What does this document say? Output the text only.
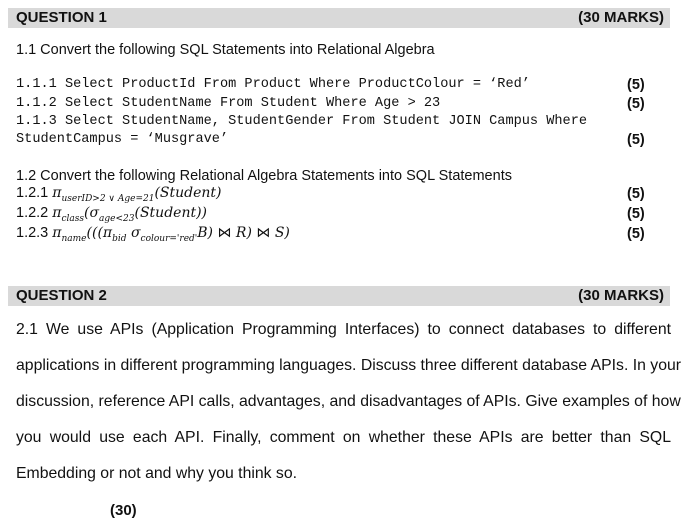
QUESTION 1	(30 MARKS)
1.1 Convert the following SQL Statements into Relational Algebra
1.1.1 Select ProductId From Product Where ProductColour = ‘Red’	(5)
1.1.2 Select StudentName From Student Where Age > 23	(5)
1.1.3 Select StudentName, StudentGender From Student JOIN Campus Where
StudentCampus = ‘Musgrave’	(5)
1.2 Convert the following Relational Algebra Statements into SQL Statements
1.2.1 $\pi_{userID>2 \vee Age=21}(Student)$	(5)
1.2.2 $\pi_{class}(\sigma_{age<23}(Student))$	(5)
1.2.3 $\pi_{name}(((\pi_{bid}$ $\sigma_{colour='red'}B$) ⋈ R) ⋈ S)	(5)
QUESTION 2	(30 MARKS)
2.1 We use APIs (Application Programming Interfaces) to connect databases to different
applications in different programming languages. Discuss three different database APIs. In your
discussion, reference API calls, advantages, and disadvantages of APIs. Give examples of how
you would use each API. Finally, comment on whether these APIs are better than SQL
Embedding or not and why you think so.
(30)
